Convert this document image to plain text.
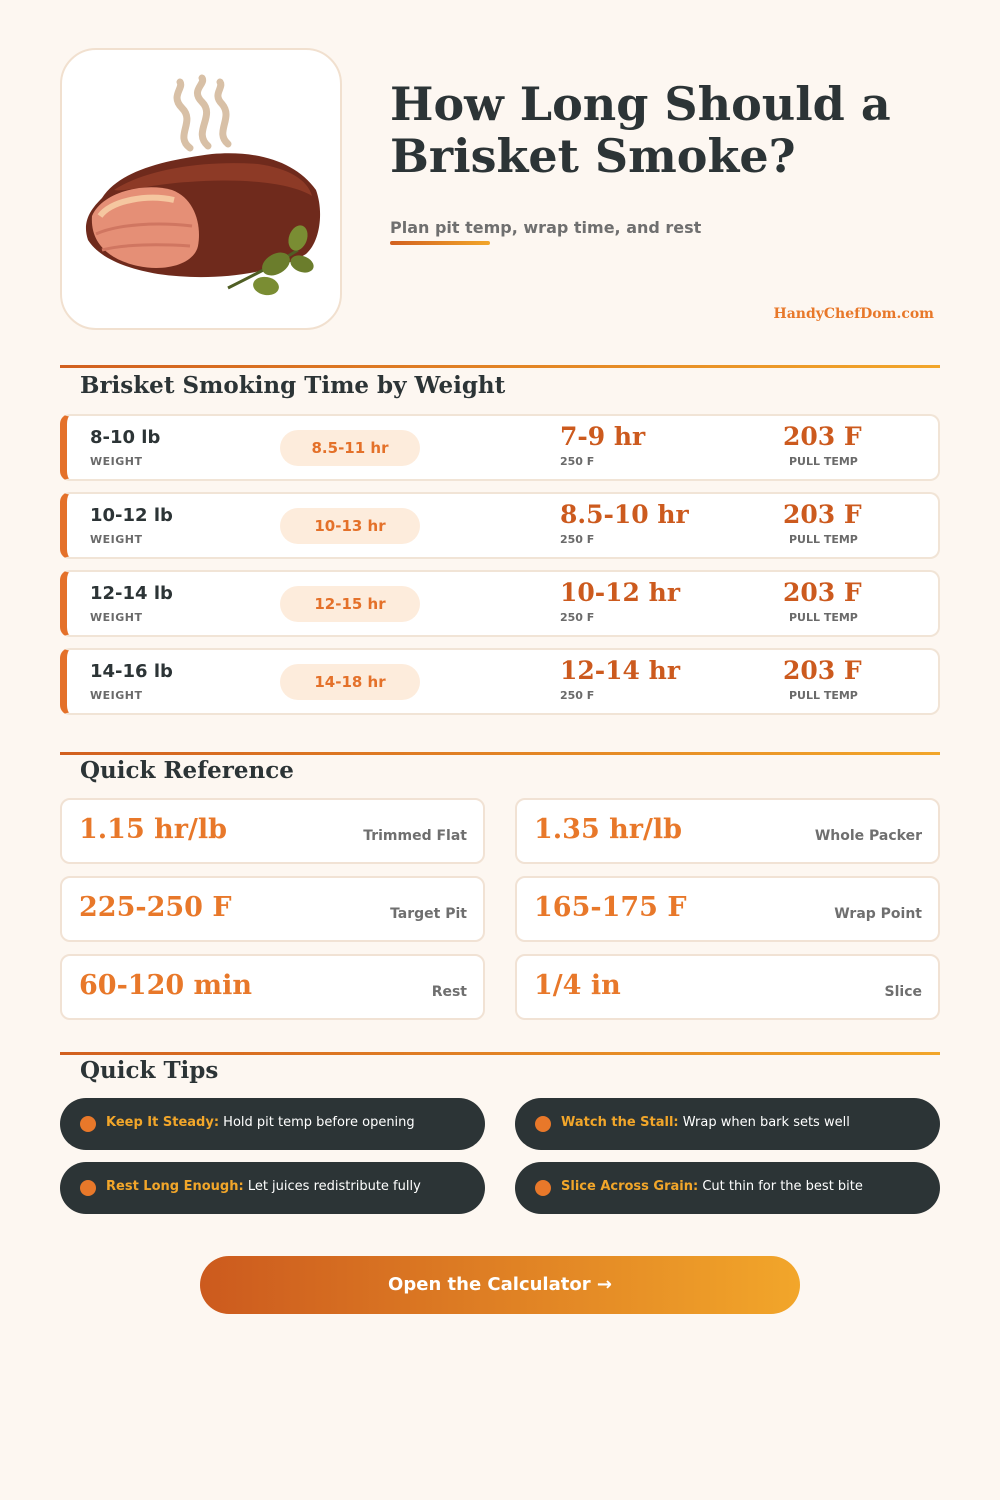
How Long Should a Brisket Smoke?
Plan pit temp, wrap time, and rest
HandyChefDom.com
Brisket Smoking Time by Weight
8-10 lb
WEIGHT
8.5-11 hr	7-9 hr
250 F
203 F
PULL TEMP
10-12 lb
WEIGHT
10-13 hr	8.5-10 hr
250 F
203 F
PULL TEMP
12-14 lb
WEIGHT
12-15 hr	10-12 hr
250 F
203 F
PULL TEMP
14-16 lb
WEIGHT
14-18 hr	12-14 hr
250 F
203 F
PULL TEMP
Quick Reference
1.15 hr/lb	Trimmed Flat 1.35 hr/lb	Whole Packer
225-250 F	Target Pit 165-175 F	Wrap Point
60-120 min	Rest 1/4 in	Slice
Quick Tips
Keep It Steady: Hold pit temp before opening	Watch the Stall: Wrap when bark sets well
Rest Long Enough: Let juices redistribute fully	Slice Across Grain: Cut thin for the best bite
Open the Calculator →
